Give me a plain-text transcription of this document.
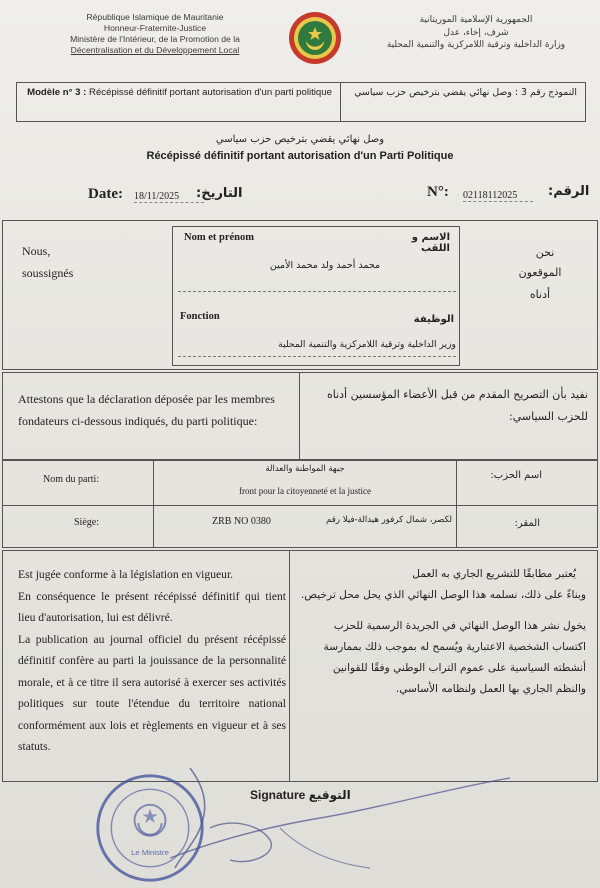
République Islamique de Mauritanie
Honneur-Fraternite-Justice
Ministère de l'Intérieur, de la Promotion de la
Décentralisation et du Développement Local
الجمهورية الإسلامية الموريتانية
شرف، إخاء، عدل
وزارة الداخلية وترقية اللامركزية والتنمية المحلية
Modèle n° 3 : Récépissé définitif portant autorisation d'un parti politique	النموذج رقم 3 : وصل نهائي يقضي بترخيص حزب سياسي
وصل نهائي يقضي بترخيص حزب سياسي
Récépissé définitif portant autorisation d'un Parti Politique
Date: 18/11/2025	التاريخ:	N°: 02118112025	الرقم:
Nous,
soussignés
نحن
الموقعون
أدناه
Nom et prénom	الاسم و اللقب
محمد أحمد ولد محمد الأمين
Fonction	الوظيفة
وزير الداخلية وترقية اللامركزية والتنمية المحلية
Attestons que la déclaration déposée par les membres fondateurs ci-dessous indiqués, du parti politique:
نفيد بأن التصريح المقدم من قبل الأعضاء المؤسسين أدناه للحزب السياسي:
Nom du parti:	اسم الحزب:
جبهة المواطنة والعدالة
front pour la citoyenneté et la justice
Siège:	المقر:
لكصر، شمال كرفور هيدالة-فيلا رقم
ZRB NO 0380
Est jugée conforme à la législation en vigueur.
En conséquence le présent récépissé définitif qui tient lieu d'autorisation, lui est délivré.
La publication au journal officiel du présent récépissé définitif confère au parti la jouissance de la personnalité morale, et à ce titre il sera autorisé à exercer ses activités politiques sur toute l'étendue du territoire national conformément aux lois et règlements en vigueur et à ses statuts.
يُعتبر مطابقًا للتشريع الجاري به العمل
وبناءً على ذلك، نسلمه هذا الوصل النهائي الذي يحل محل ترخيص.
يخول نشر هذا الوصل النهائي في الجريدة الرسمية للحزب اكتساب الشخصية الاعتبارية ويُسمح له بموجب ذلك بممارسة أنشطته السياسية على عموم التراب الوطني وفقًا للقوانين والنظم الجاري بها العمل ولنظامه الأساسي.
Signature التوقيع
Le Ministre
